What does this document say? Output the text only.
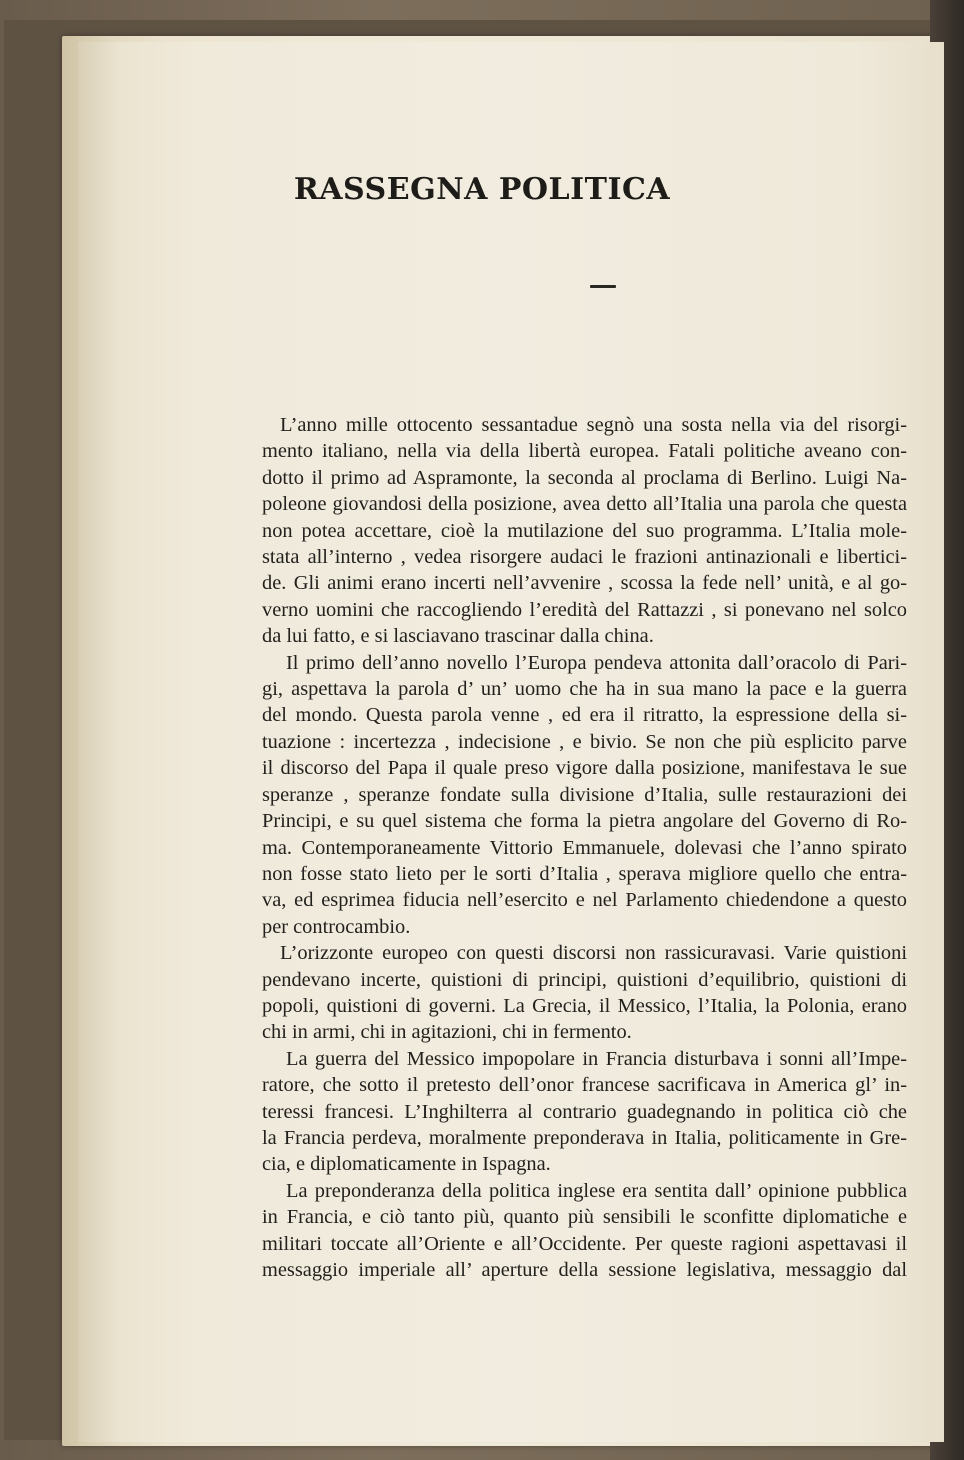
RASSEGNA POLITICA
L’anno mille ottocento sessantadue segnò una sosta nella via del risorgi-
mento italiano, nella via della libertà europea. Fatali politiche aveano con-
dotto il primo ad Aspramonte, la seconda al proclama di Berlino. Luigi Na-
poleone giovandosi della posizione, avea detto all’Italia una parola che questa
non potea accettare, cioè la mutilazione del suo programma. L’Italia mole-
stata all’interno , vedea risorgere audaci le frazioni antinazionali e libertici-
de. Gli animi erano incerti nell’avvenire , scossa la fede nell’ unità, e al go-
verno uomini che raccogliendo l’eredità del Rattazzi , si ponevano nel solco
da lui fatto, e si lasciavano trascinar dalla china.
Il primo dell’anno novello l’Europa pendeva attonita dall’oracolo di Pari-
gi, aspettava la parola d’ un’ uomo che ha in sua mano la pace e la guerra
del mondo. Questa parola venne , ed era il ritratto, la espressione della si-
tuazione : incertezza , indecisione , e bivio. Se non che più esplicito parve
il discorso del Papa il quale preso vigore dalla posizione, manifestava le sue
speranze , speranze fondate sulla divisione d’Italia, sulle restaurazioni dei
Principi, e su quel sistema che forma la pietra angolare del Governo di Ro-
ma. Contemporaneamente Vittorio Emmanuele, dolevasi che l’anno spirato
non fosse stato lieto per le sorti d’Italia , sperava migliore quello che entra-
va, ed esprimea fiducia nell’esercito e nel Parlamento chiedendone a questo
per controcambio.
L’orizzonte europeo con questi discorsi non rassicuravasi. Varie quistioni
pendevano incerte, quistioni di principi, quistioni d’equilibrio, quistioni di
popoli, quistioni di governi. La Grecia, il Messico, l’Italia, la Polonia, erano
chi in armi, chi in agitazioni, chi in fermento.
La guerra del Messico impopolare in Francia disturbava i sonni all’Impe-
ratore, che sotto il pretesto dell’onor francese sacrificava in America gl’ in-
teressi francesi. L’Inghilterra al contrario guadegnando in politica ciò che
la Francia perdeva, moralmente preponderava in Italia, politicamente in Gre-
cia, e diplomaticamente in Ispagna.
La preponderanza della politica inglese era sentita dall’ opinione pubblica
in Francia, e ciò tanto più, quanto più sensibili le sconfitte diplomatiche e
militari toccate all’Oriente e all’Occidente. Per queste ragioni aspettavasi il
messaggio imperiale all’ aperture della sessione legislativa, messaggio dal
